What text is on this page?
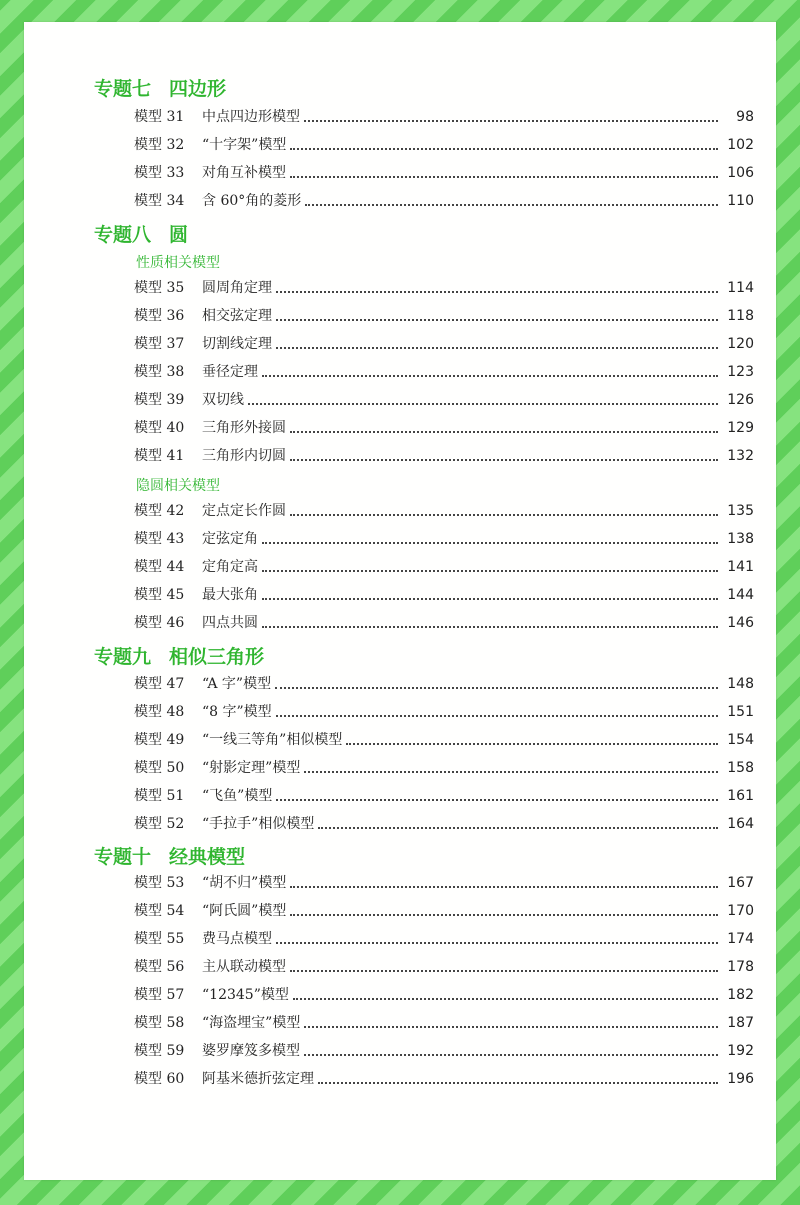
专题七 四边形
模型 31	中点四边形模型	98
模型 32	“十字架”模型	102
模型 33	对角互补模型	106
模型 34	含 60°角的菱形	110
专题八 圆
性质相关模型
模型 35	圆周角定理	114
模型 36	相交弦定理	118
模型 37	切割线定理	120
模型 38	垂径定理	123
模型 39	双切线	126
模型 40	三角形外接圆	129
模型 41	三角形内切圆	132
隐圆相关模型
模型 42	定点定长作圆	135
模型 43	定弦定角	138
模型 44	定角定高	141
模型 45	最大张角	144
模型 46	四点共圆	146
专题九 相似三角形
模型 47	“A 字”模型	148
模型 48	“8 字”模型	151
模型 49	“一线三等角”相似模型	154
模型 50	“射影定理”模型	158
模型 51	“飞鱼”模型	161
模型 52	“手拉手”相似模型	164
专题十 经典模型
模型 53	“胡不归”模型	167
模型 54	“阿氏圆”模型	170
模型 55	费马点模型	174
模型 56	主从联动模型	178
模型 57	“12345”模型	182
模型 58	“海盗埋宝”模型	187
模型 59	婆罗摩笈多模型	192
模型 60	阿基米德折弦定理	196
